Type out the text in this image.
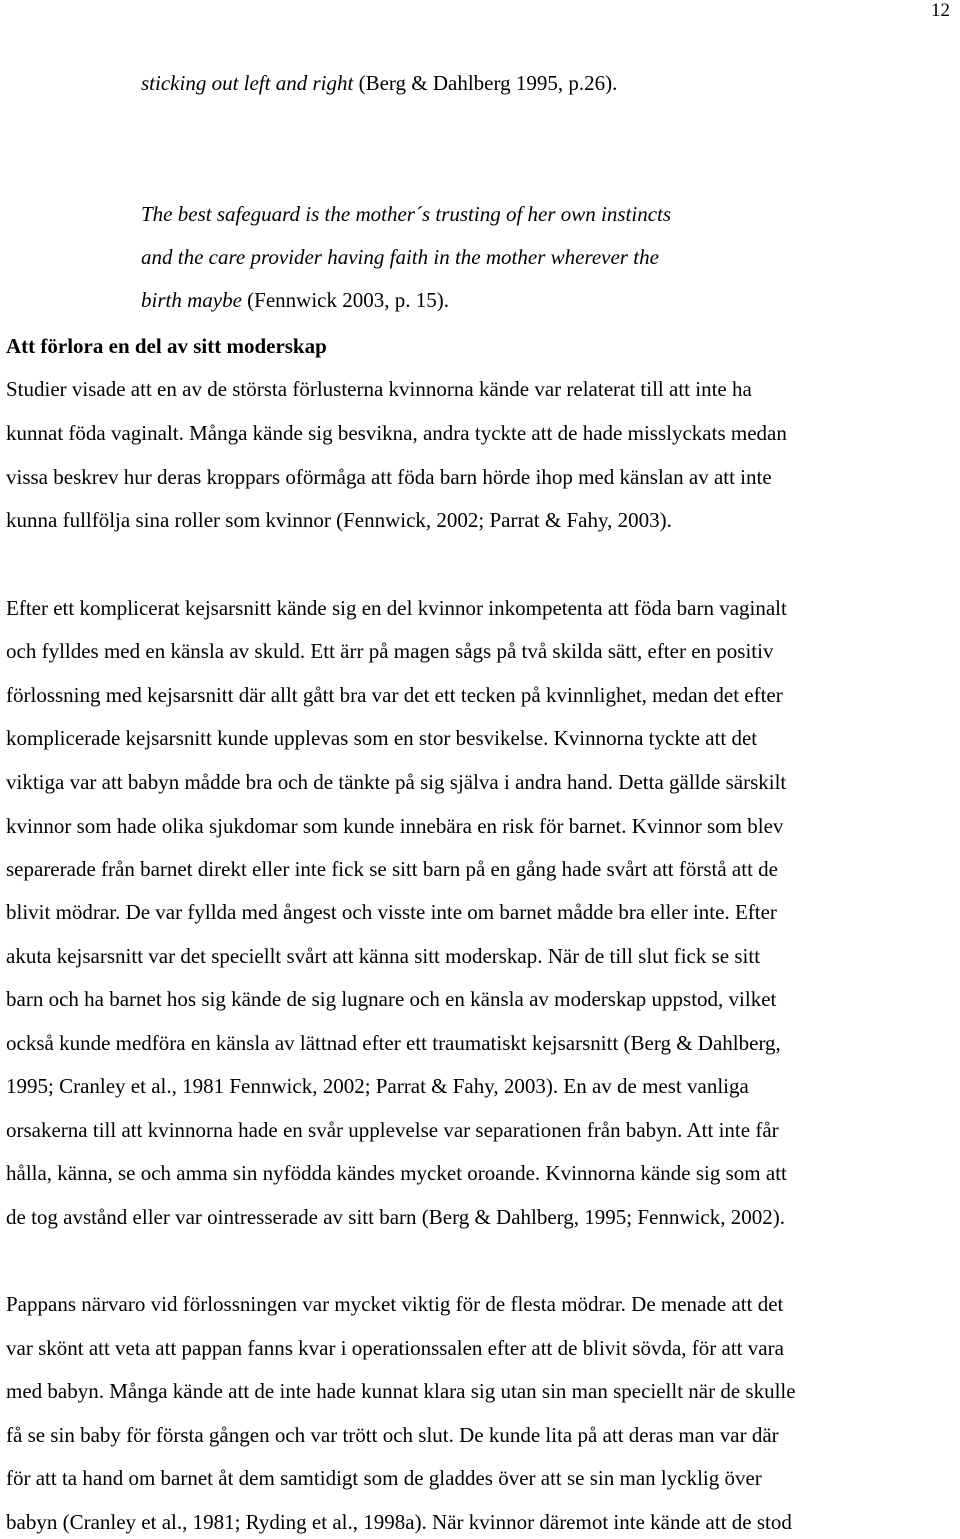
12
sticking out left and right (Berg & Dahlberg 1995, p.26).
The best safeguard is the mother´s trusting of her own instincts
and the care provider having faith in the mother wherever the
birth maybe (Fennwick 2003, p. 15).
Att förlora en del av sitt moderskap
Studier visade att en av de största förlusterna kvinnorna kände var relaterat till att inte ha
kunnat föda vaginalt. Många kände sig besvikna, andra tyckte att de hade misslyckats medan
vissa beskrev hur deras kroppars oförmåga att föda barn hörde ihop med känslan av att inte
kunna fullfölja sina roller som kvinnor (Fennwick, 2002; Parrat & Fahy, 2003).
Efter ett komplicerat kejsarsnitt kände sig en del kvinnor inkompetenta att föda barn vaginalt
och fylldes med en känsla av skuld. Ett ärr på magen sågs på två skilda sätt, efter en positiv
förlossning med kejsarsnitt där allt gått bra var det ett tecken på kvinnlighet, medan det efter
komplicerade kejsarsnitt kunde upplevas som en stor besvikelse. Kvinnorna tyckte att det
viktiga var att babyn mådde bra och de tänkte på sig själva i andra hand. Detta gällde särskilt
kvinnor som hade olika sjukdomar som kunde innebära en risk för barnet. Kvinnor som blev
separerade från barnet direkt eller inte fick se sitt barn på en gång hade svårt att förstå att de
blivit mödrar. De var fyllda med ångest och visste inte om barnet mådde bra eller inte. Efter
akuta kejsarsnitt var det speciellt svårt att känna sitt moderskap. När de till slut fick se sitt
barn och ha barnet hos sig kände de sig lugnare och en känsla av moderskap uppstod, vilket
också kunde medföra en känsla av lättnad efter ett traumatiskt kejsarsnitt (Berg & Dahlberg,
1995; Cranley et al., 1981 Fennwick, 2002; Parrat & Fahy, 2003). En av de mest vanliga
orsakerna till att kvinnorna hade en svår upplevelse var separationen från babyn. Att inte får
hålla, känna, se och amma sin nyfödda kändes mycket oroande. Kvinnorna kände sig som att
de tog avstånd eller var ointresserade av sitt barn (Berg & Dahlberg, 1995; Fennwick, 2002).
Pappans närvaro vid förlossningen var mycket viktig för de flesta mödrar. De menade att det
var skönt att veta att pappan fanns kvar i operationssalen efter att de blivit sövda, för att vara
med babyn. Många kände att de inte hade kunnat klara sig utan sin man speciellt när de skulle
få se sin baby för första gången och var trött och slut. De kunde lita på att deras man var där
för att ta hand om barnet åt dem samtidigt som de gladdes över att se sin man lycklig över
babyn (Cranley et al., 1981; Ryding et al., 1998a). När kvinnor däremot inte kände att de stod
